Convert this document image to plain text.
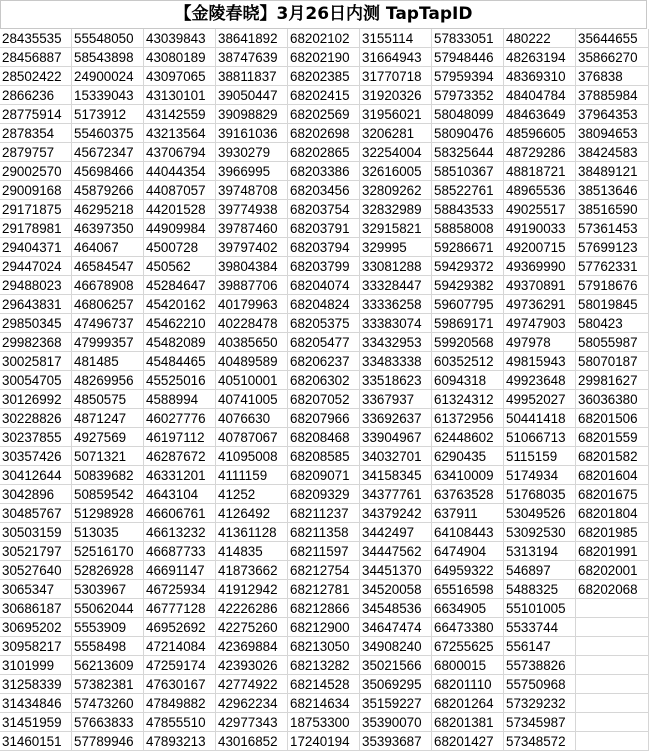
【金陵春晓】3月26日内测 TapTapID
28435535 55548050 43039843 38641892 68202102 3155114	57833051 480222	35644655
28456887 58543898 43080189 38747639 68202190 31664943 57948446 48263194 35866270
28502422 24900024 43097065 38811837	68202385 31770718 57959394 48369310 376838
2866236	15339043 43130101 39050447 68202415 31920326 57973352 48404784 37885984
28775914 5173912	43142559 39098829 68202569 31956021 58048099 48463649 37964353
2878354	55460375 43213564 39161036 68202698 3206281	58090476 48596605 38094653
2879757	45672347 43706794 3930279	68202865 32254004 58325644 48729286 38424583
29002570 45698466 44044354 3966995	68203386 32616005 58510367 48818721 38489121
29009168 45879266 44087057 39748708 68203456 32809262 58522761 48965536 38513646
29171875 46295218 44201528 39774938 68203754 32832989 58843533 49025517 38516590
29178981 46397350 44909984 39787460 68203791 32915821 58858008 49190033 57361453
29404371 464067	4500728	39797402 68203794 329995	59286671 49200715 57699123
29447024 46584547 450562	39804384 68203799 33081288 59429372 49369990 57762331
29488023 46678908 45284647 39887706 68204074 33328447 59429382 49370891 57918676
29643831 46806257 45420162 40179963 68204824 33336258 59607795 49736291 58019845
29850345 47496737 45462210 40228478 68205375 33383074 59869171 49747903 580423
29982368 47999357 45482089 40385650 68205477 33432953 59920568 497978	58055987
30025817 481485	45484465 40489589 68206237 33483338 60352512 49815943 58070187
30054705 48269956 45525016 40510001 68206302 33518623 6094318	49923648 29981627
30126992 4850575	4588994	40741005 68207052 3367937	61324312 49952027 36036380
30228826 4871247	46027776 4076630	68207966 33692637 61372956 50441418 68201506
30237855 4927569	46197112	40787067 68208468 33904967 62448602 51066713 68201559
30357426 5071321	46287672 41095008 68208585 34032701 6290435	5115159	68201582
30412644 50839682 46331201 4111159	68209071 34158345 63410009 5174934	68201604
3042896	50859542 4643104	41252	68209329 34377761 63763528 51768035 68201675
30485767 51298928 46606761 4126492	68211237	34379242 637911	53049526 68201804
30503159 513035	46613232 41361128	68211358	3442497	64108443 53092530 68201985
30521797 52516170 46687733 414835	68211597	34447562 6474904	5313194	68201991
30527640 52826928 46691147	41873662 68212754 34451370 64959322 546897	68202001
3065347	5303967	46725934 41912942 68212781 34520058 65516598 5488325	68202068
30686187 55062044 46777128 42226286 68212866 34548536 6634905	55101005
30695202 5553909	46952692 42275260 68212900 34647474 66473380 5533744
30958217 5558498	47214084 42369884 68213050 34908240 67255625 556147
3101999	56213609 47259174 42393026 68213282 35021566 6800015	55738826
31258339 57382381 47630167 42774922 68214528 35069295 68201110	55750968
31434846 57473260 47849882 42962234 68214634 35159227 68201264 57329232
31451959 57663833 47855510 42977343 18753300 35390070 68201381 57345987
31460151 57789946 47893213 43016852 17240194 35393687 68201427 57348572
